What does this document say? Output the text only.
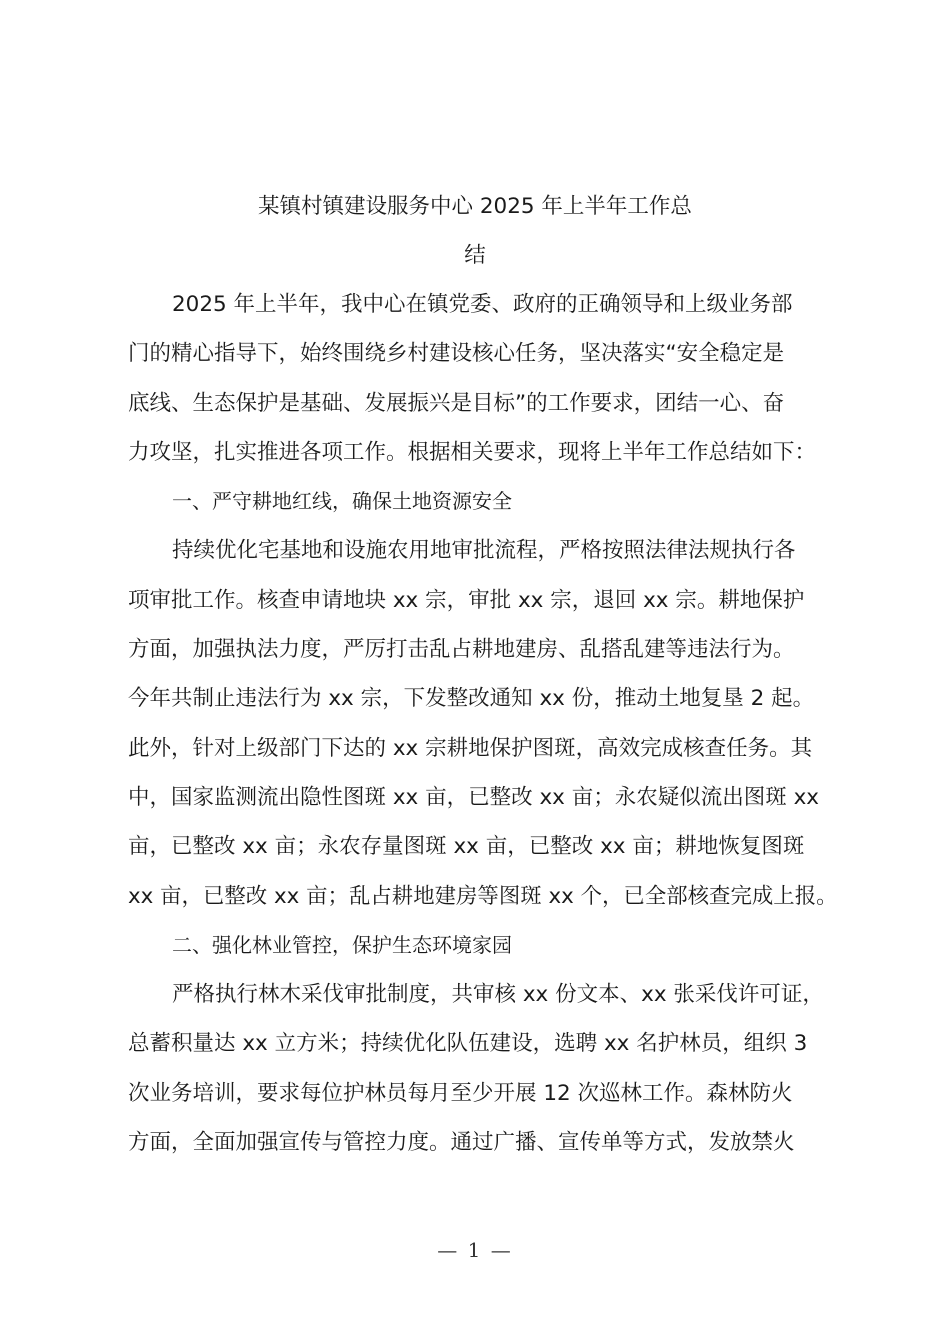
某镇村镇建设服务中心 2025 年上半年工作总
结
2025 年上半年，我中心在镇党委、政府的正确领导和上级业务部
门的精心指导下，始终围绕乡村建设核心任务，坚决落实“安全稳定是
底线、生态保护是基础、发展振兴是目标”的工作要求，团结一心、奋
力攻坚，扎实推进各项工作。根据相关要求，现将上半年工作总结如下：
一、严守耕地红线，确保土地资源安全
持续优化宅基地和设施农用地审批流程，严格按照法律法规执行各
项审批工作。核查申请地块 xx 宗，审批 xx 宗，退回 xx 宗。耕地保护
方面，加强执法力度，严厉打击乱占耕地建房、乱搭乱建等违法行为。
今年共制止违法行为 xx 宗，下发整改通知 xx 份，推动土地复垦 2 起。
此外，针对上级部门下达的 xx 宗耕地保护图斑，高效完成核查任务。其
中，国家监测流出隐性图斑 xx 亩，已整改 xx 亩；永农疑似流出图斑 xx
亩，已整改 xx 亩；永农存量图斑 xx 亩，已整改 xx 亩；耕地恢复图斑
xx 亩，已整改 xx 亩；乱占耕地建房等图斑 xx 个，已全部核查完成上报。
二、强化林业管控，保护生态环境家园
严格执行林木采伐审批制度，共审核 xx 份文本、xx 张采伐许可证，
总蓄积量达 xx 立方米；持续优化队伍建设，选聘 xx 名护林员，组织 3
次业务培训，要求每位护林员每月至少开展 12 次巡林工作。森林防火
方面，全面加强宣传与管控力度。通过广播、宣传单等方式，发放禁火
— 1 —
